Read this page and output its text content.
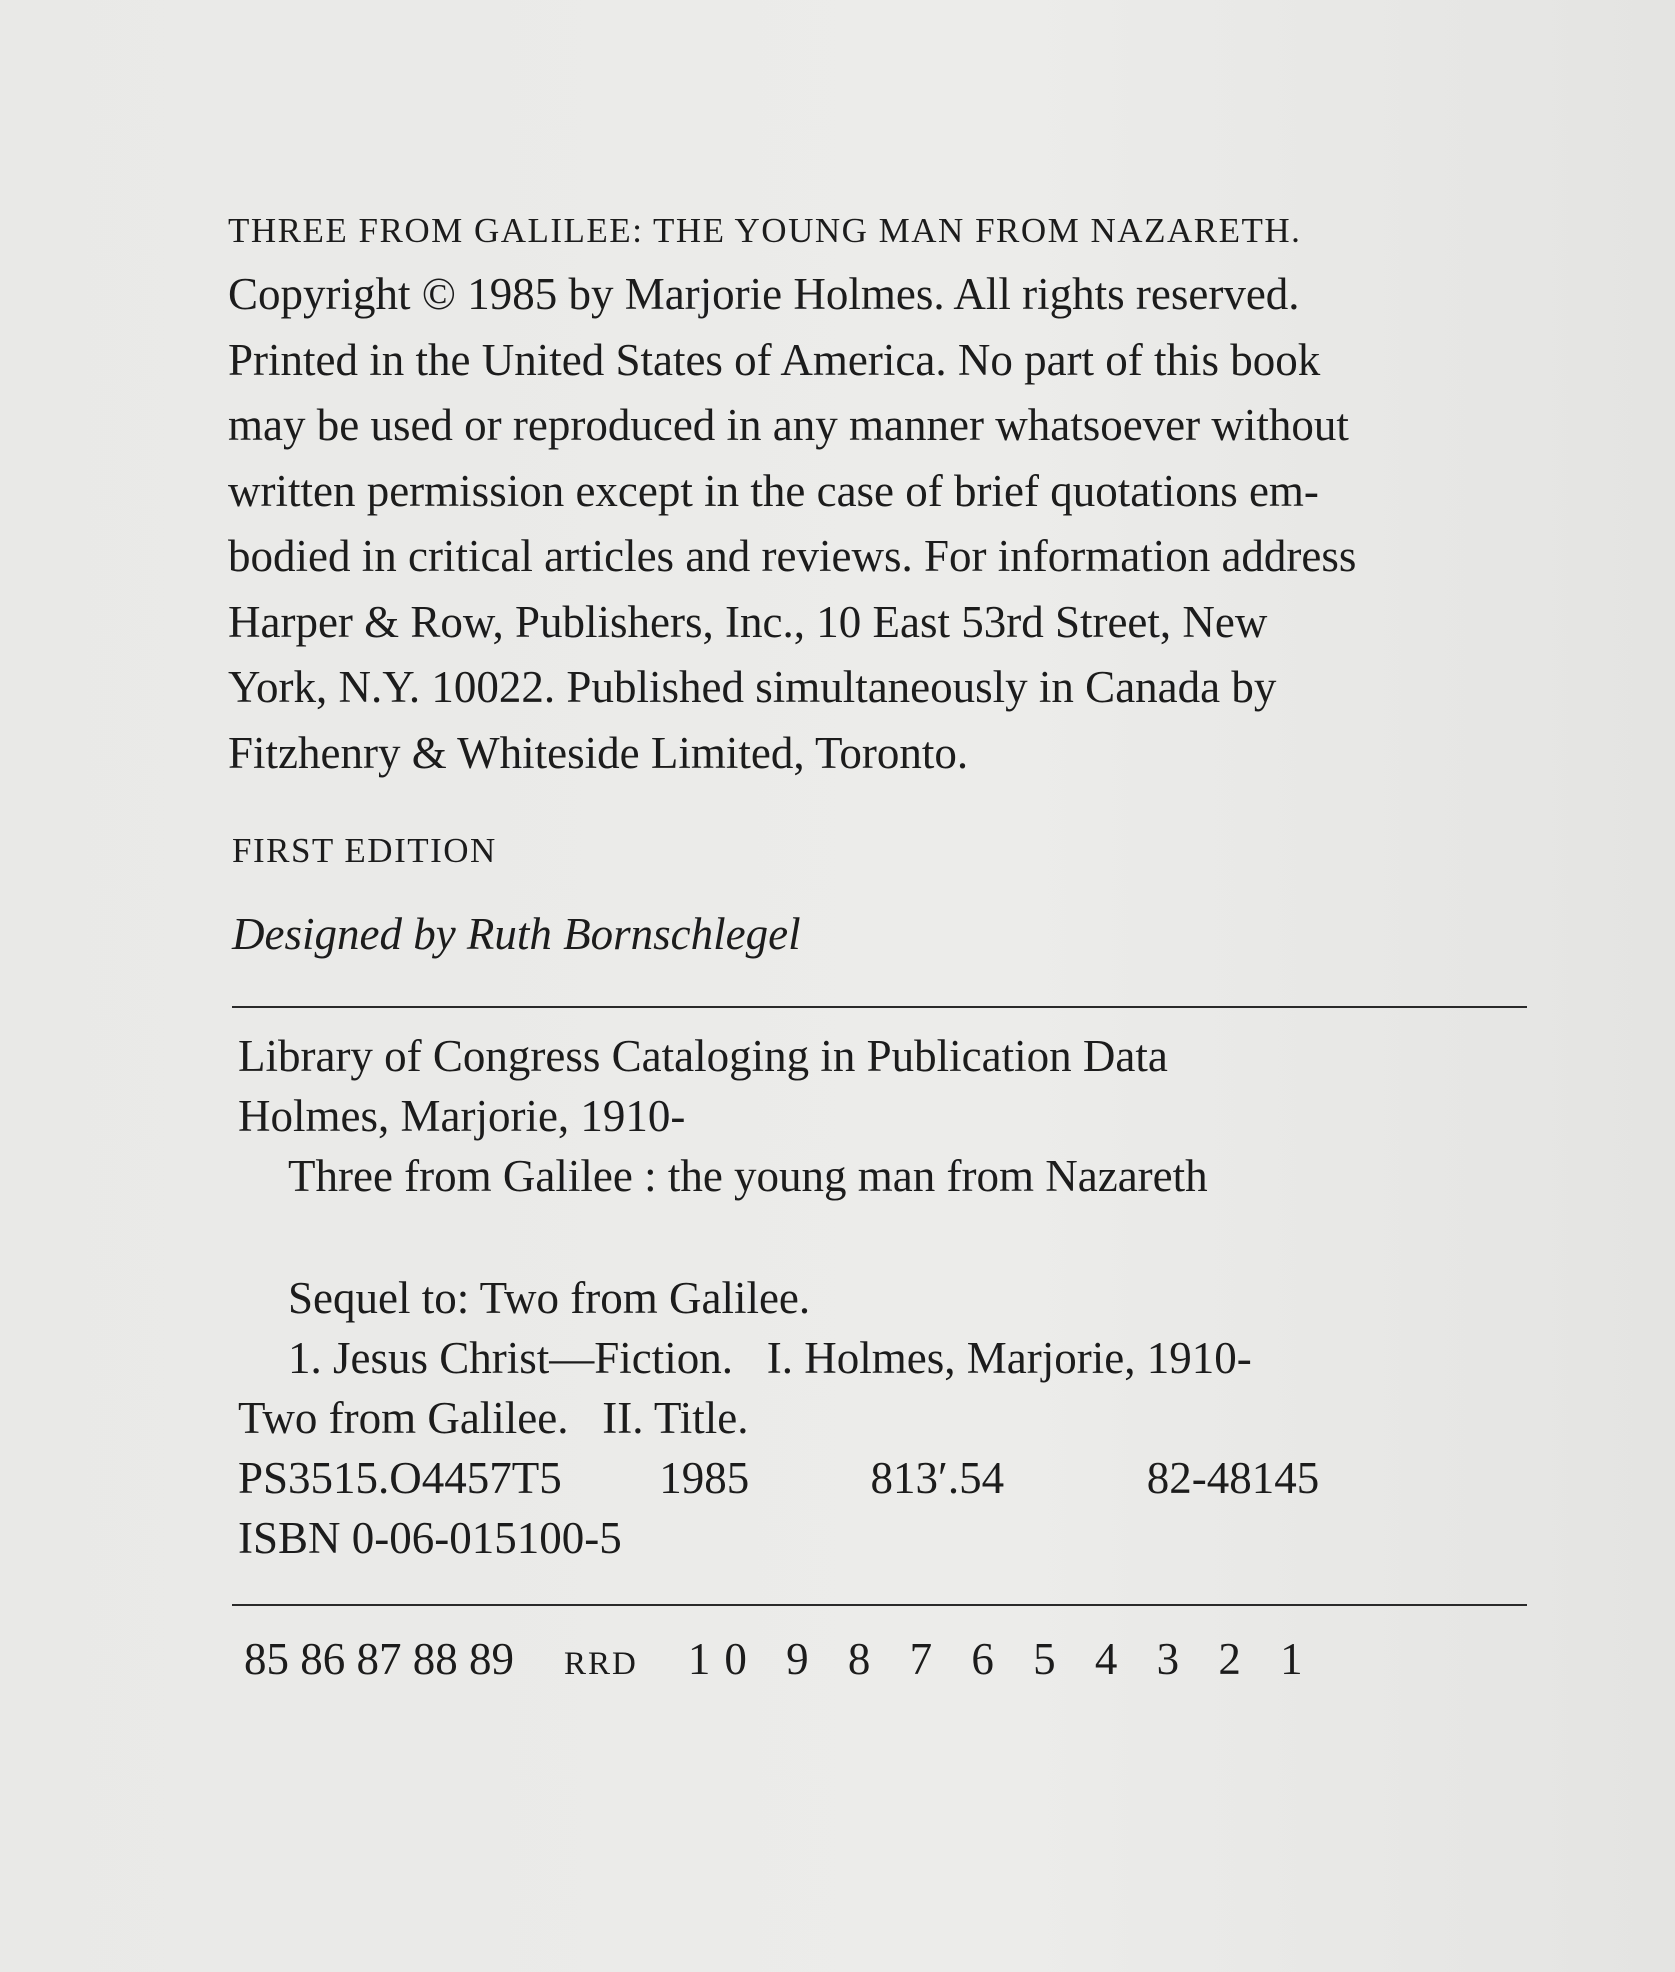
THREE FROM GALILEE: THE YOUNG MAN FROM NAZARETH.

Copyright © 1985 by Marjorie Holmes. All rights reserved.
Printed in the United States of America. No part of this book
may be used or reproduced in any manner whatsoever without
written permission except in the case of brief quotations em-
bodied in critical articles and reviews. For information address
Harper & Row, Publishers, Inc., 10 East 53rd Street, New
York, N.Y. 10022. Published simultaneously in Canada by
Fitzhenry & Whiteside Limited, Toronto.
FIRST EDITION
Designed by Ruth Bornschlegel
Library of Congress Cataloging in Publication Data
Holmes, Marjorie, 1910-
Three from Galilee : the young man from Nazareth
Sequel to: Two from Galilee.
1. Jesus Christ—Fiction.   I. Holmes, Marjorie, 1910-
Two from Galilee.   II. Title.
PS3515.O4457T5 1985	813′.54	82-48145
ISBN 0-06-015100-5
85 86 87 88 89 RRD 10 9 8 7 6 5 4 3 2 1
